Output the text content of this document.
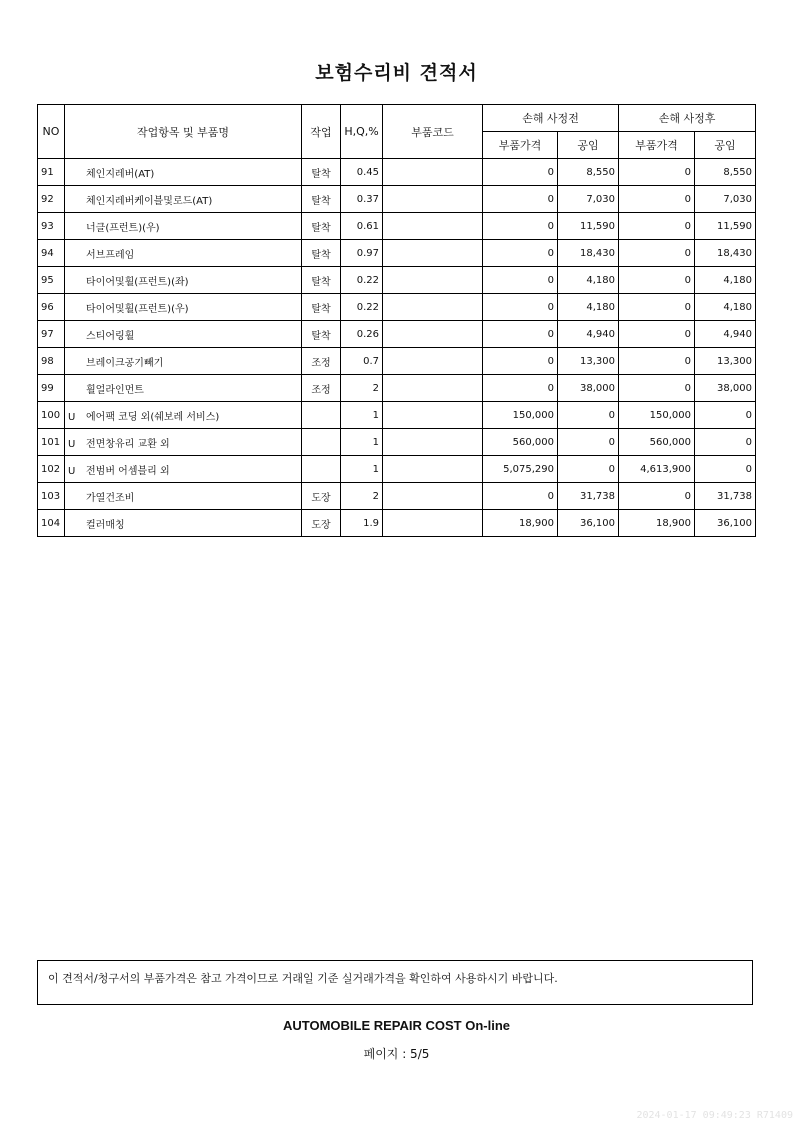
보험수리비 견적서
NO	작업항목 및 부품명	작업	H,Q,%	부품코드	손해 사정전		손해 사정후	
					부품가격	공임	부품가격	공임
91	체인지레버(AT)	탈착	0.45		0	8,550	0	8,550
92	체인지레버케이블및로드(AT)	탈착	0.37		0	7,030	0	7,030
93	너클(프런트)(우)	탈착	0.61		0	11,590	0	11,590
94	서브프레임	탈착	0.97		0	18,430	0	18,430
95	타이어및휠(프런트)(좌)	탈착	0.22		0	4,180	0	4,180
96	타이어및휠(프런트)(우)	탈착	0.22		0	4,180	0	4,180
97	스티어링휠	탈착	0.26		0	4,940	0	4,940
98	브레이크공기빼기	조정	0.7		0	13,300	0	13,300
99	휠얼라인먼트	조정	2		0	38,000	0	38,000
100	U 에어팩 코딩 외(쉐보레 서비스)		1		150,000	0	150,000	0
101	U 전면창유리 교환 외		1		560,000	0	560,000	0
102	U 전범버 어셈블리 외		1		5,075,290	0	4,613,900	0
103	가열건조비	도장	2		0	31,738	0	31,738
104	컬러매칭	도장	1.9		18,900	36,100	18,900	36,100
이 견적서/청구서의 부품가격은 참고 가격이므로 거래일 기준 실거래가격을 확인하여 사용하시기 바랍니다.
AUTOMOBILE REPAIR COST On-line
페이지 : 5/5
2024-01-17 09:49:23 R71409
